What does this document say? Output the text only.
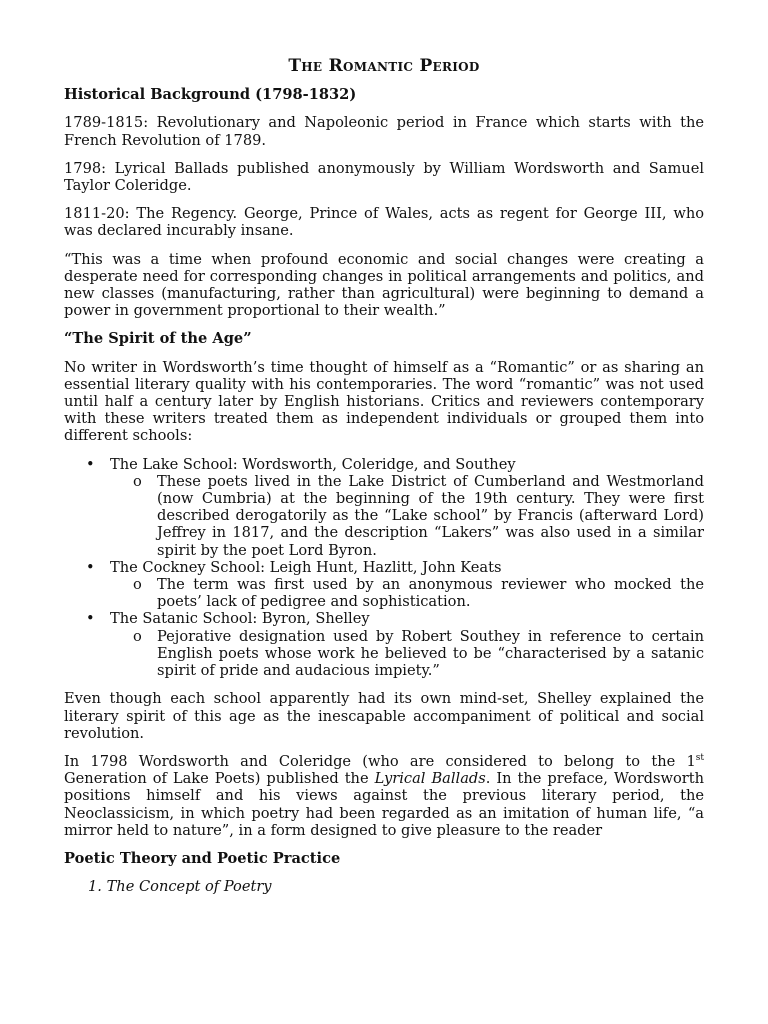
The Romantic Period
Historical Background (1798-1832)

1789-1815: Revolutionary and Napoleonic period in France which starts with the French Revolution of 1789.

1798: Lyrical Ballads published anonymously by William Wordsworth and Samuel Taylor Coleridge.

1811-20: The Regency. George, Prince of Wales, acts as regent for George III, who was declared incurably insane.

“This was a time when profound economic and social changes were creating a desperate need for corresponding changes in political arrangements and politics, and new classes (manufacturing, rather than agricultural) were beginning to demand a power in government proportional to their wealth.”

“The Spirit of the Age”

No writer in Wordsworth’s time thought of himself as a “Romantic” or as sharing an essential literary quality with his contemporaries. The word “romantic” was not used until half a century later by English historians. Critics and reviewers contemporary with these writers treated them as independent individuals or grouped them into different schools:

• The Lake School: Wordsworth, Coleridge, and Southey
o These poets lived in the Lake District of Cumberland and Westmorland (now Cumbria) at the beginning of the 19th century. They were first described derogatorily as the “Lake school” by Francis (afterward Lord) Jeffrey in 1817, and the description “Lakers” was also used in a similar spirit by the poet Lord Byron.
• The Cockney School: Leigh Hunt, Hazlitt, John Keats
o The term was first used by an anonymous reviewer who mocked the poets’ lack of pedigree and sophistication.
• The Satanic School: Byron, Shelley
o Pejorative designation used by Robert Southey in reference to certain English poets whose work he believed to be “characterised by a satanic spirit of pride and audacious impiety.”

Even though each school apparently had its own mind-set, Shelley explained the literary spirit of this age as the inescapable accompaniment of political and social revolution.

In 1798 Wordsworth and Coleridge (who are considered to belong to the 1st Generation of Lake Poets) published the Lyrical Ballads. In the preface, Wordsworth positions himself and his views against the previous literary period, the Neoclassicism, in which poetry had been regarded as an imitation of human life, “a mirror held to nature”, in a form designed to give pleasure to the reader

Poetic Theory and Poetic Practice
1. The Concept of Poetry
